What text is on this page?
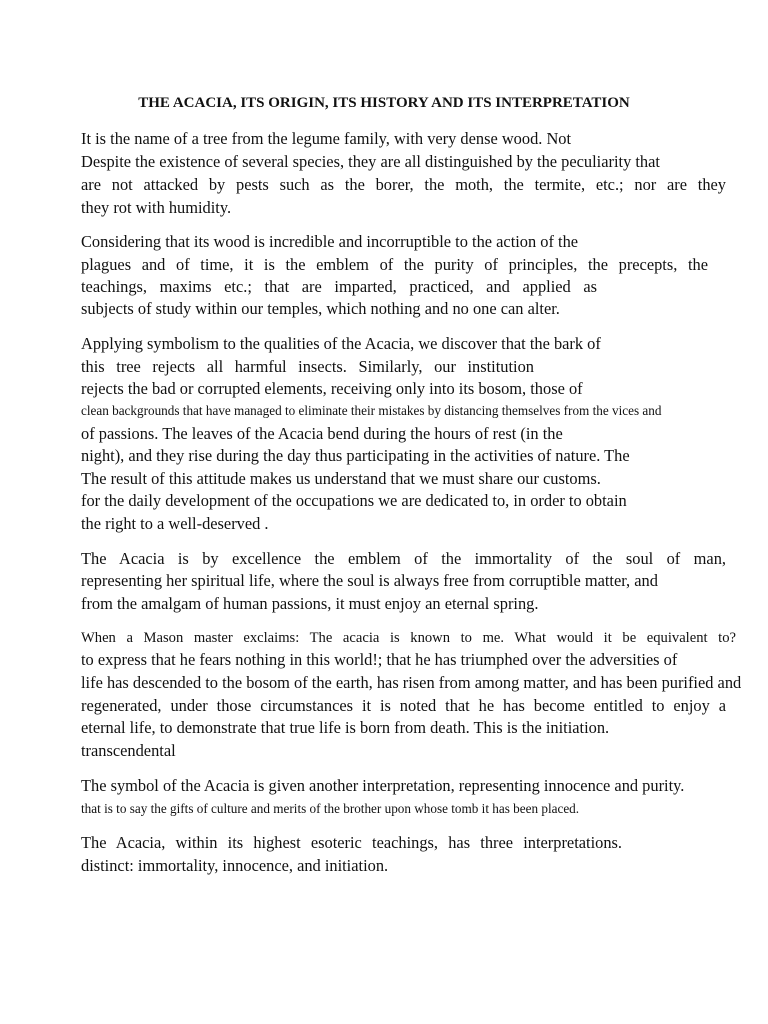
THE ACACIA, ITS ORIGIN, ITS HISTORY AND ITS INTERPRETATION
It is the name of a tree from the legume family, with very dense wood. Not
Despite the existence of several species, they are all distinguished by the peculiarity that
are not attacked by pests such as the borer, the moth, the termite, etc.; nor are they
they rot with humidity.
Considering that its wood is incredible and incorruptible to the action of the
plagues and of time, it is the emblem of the purity of principles, the precepts, the
teachings, maxims etc.; that are imparted, practiced, and applied as
subjects of study within our temples, which nothing and no one can alter.
Applying symbolism to the qualities of the Acacia, we discover that the bark of
this tree rejects all harmful insects. Similarly, our institution
rejects the bad or corrupted elements, receiving only into its bosom, those of
clean backgrounds that have managed to eliminate their mistakes by distancing themselves from the vices and
of passions. The leaves of the Acacia bend during the hours of rest (in the
night), and they rise during the day thus participating in the activities of nature. The
The result of this attitude makes us understand that we must share our customs.
for the daily development of the occupations we are dedicated to, in order to obtain
the right to a well-deserved .
The Acacia is by excellence the emblem of the immortality of the soul of man,
representing her spiritual life, where the soul is always free from corruptible matter, and
from the amalgam of human passions, it must enjoy an eternal spring.
When a Mason master exclaims: The acacia is known to me. What would it be equivalent to?
to express that he fears nothing in this world!; that he has triumphed over the adversities of
life has descended to the bosom of the earth, has risen from among matter, and has been purified and
regenerated, under those circumstances it is noted that he has become entitled to enjoy a
eternal life, to demonstrate that true life is born from death. This is the initiation.
transcendental
The symbol of the Acacia is given another interpretation, representing innocence and purity.
that is to say the gifts of culture and merits of the brother upon whose tomb it has been placed.
The Acacia, within its highest esoteric teachings, has three interpretations.
distinct: immortality, innocence, and initiation.
